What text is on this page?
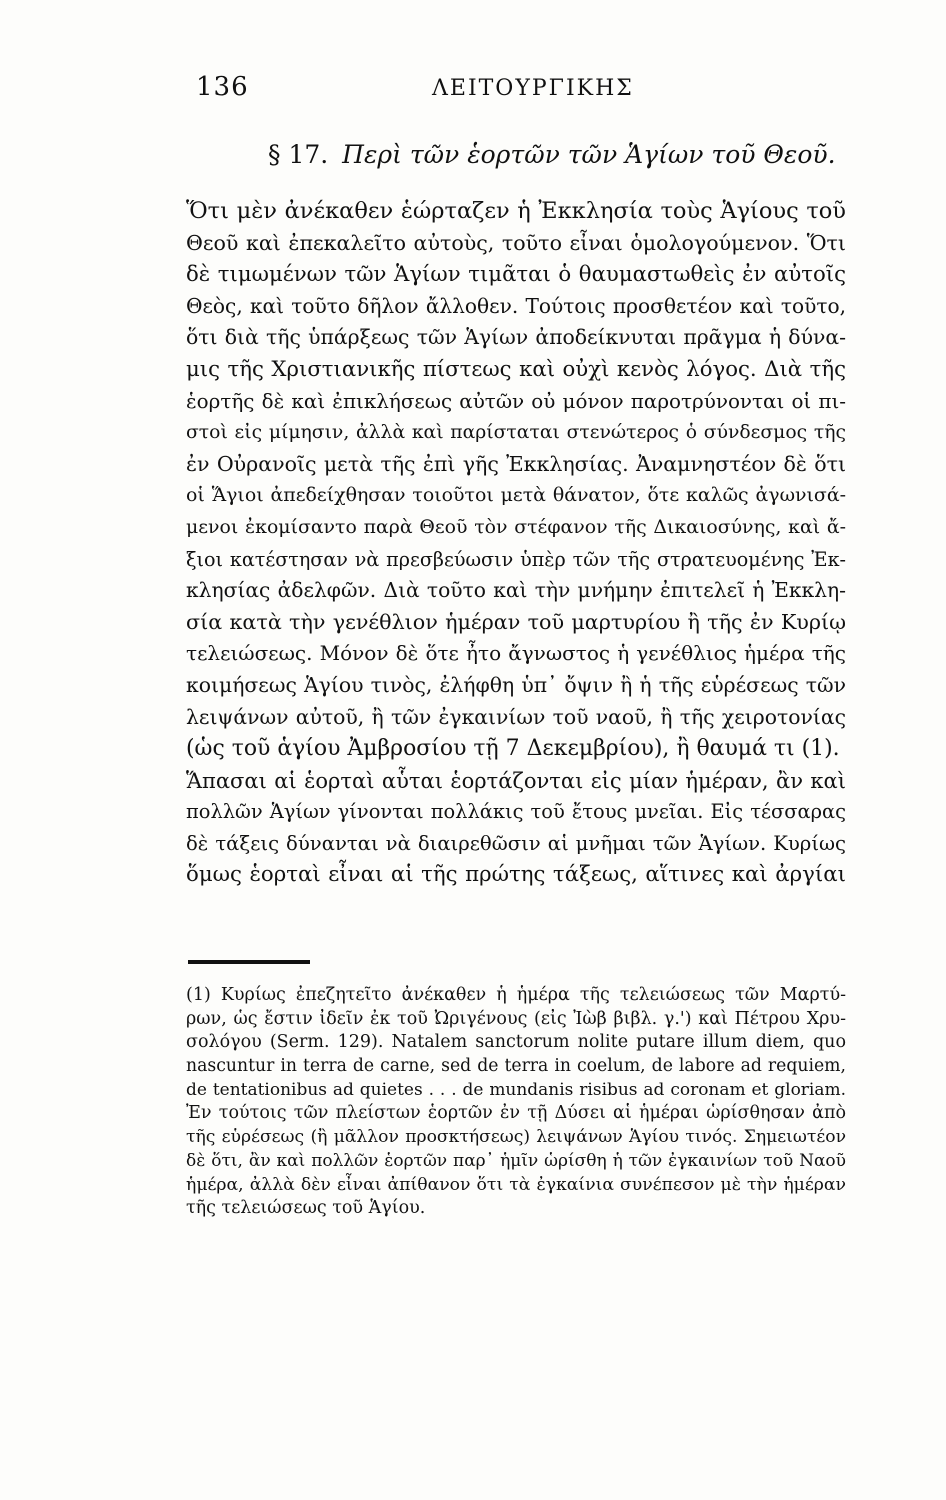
136	ΛΕΙΤΟΥΡΓΙΚΗΣ
§ 17. Περὶ τῶν ἑορτῶν τῶν Ἁγίων τοῦ Θεοῦ.
Ὅτι μὲν ἀνέκαθεν ἑώρταζεν ἡ Ἐκκλησία τοὺς Ἁγίους τοῦ
Θεοῦ καὶ ἐπεκαλεῖτο αὐτοὺς, τοῦτο εἶναι ὁμολογούμενον. Ὅτι
δὲ τιμωμένων τῶν Ἁγίων τιμᾶται ὁ θαυμαστωθεὶς ἐν αὐτοῖς
Θεὸς, καὶ τοῦτο δῆλον ἄλλοθεν. Τούτοις προσθετέον καὶ τοῦτο,
ὅτι διὰ τῆς ὑπάρξεως τῶν Ἁγίων ἀποδείκνυται πρᾶγμα ἡ δύνα-
μις τῆς Χριστιανικῆς πίστεως καὶ οὐχὶ κενὸς λόγος. Διὰ τῆς
ἑορτῆς δὲ καὶ ἐπικλήσεως αὐτῶν οὐ μόνον παροτρύνονται οἱ πι-
στοὶ εἰς μίμησιν, ἀλλὰ καὶ παρίσταται στενώτερος ὁ σύνδεσμος τῆς
ἐν Οὐρανοῖς μετὰ τῆς ἐπὶ γῆς Ἐκκλησίας. Ἀναμνηστέον δὲ ὅτι
οἱ Ἅγιοι ἀπεδείχθησαν τοιοῦτοι μετὰ θάνατον, ὅτε καλῶς ἀγωνισά-
μενοι ἐκομίσαντο παρὰ Θεοῦ τὸν στέφανον τῆς Δικαιοσύνης, καὶ ἄ-
ξιοι κατέστησαν νὰ πρεσβεύωσιν ὑπὲρ τῶν τῆς στρατευομένης Ἐκ-
κλησίας ἀδελφῶν. Διὰ τοῦτο καὶ τὴν μνήμην ἐπιτελεῖ ἡ Ἐκκλη-
σία κατὰ τὴν γενέθλιον ἡμέραν τοῦ μαρτυρίου ἢ τῆς ἐν Κυρίῳ
τελειώσεως. Μόνον δὲ ὅτε ἦτο ἄγνωστος ἡ γενέθλιος ἡμέρα τῆς
κοιμήσεως Ἁγίου τινὸς, ἐλήφθη ὑπ᾽ ὄψιν ἢ ἡ τῆς εὑρέσεως τῶν
λειψάνων αὐτοῦ, ἢ τῶν ἐγκαινίων τοῦ ναοῦ, ἢ τῆς χειροτονίας
(ὡς τοῦ ἁγίου Ἀμβροσίου τῇ 7 Δεκεμβρίου), ἢ θαυμά τι (1).
Ἅπασαι αἱ ἑορταὶ αὗται ἑορτάζονται εἰς μίαν ἡμέραν, ἂν καὶ
πολλῶν Ἁγίων γίνονται πολλάκις τοῦ ἔτους μνεῖαι. Εἰς τέσσαρας
δὲ τάξεις δύνανται νὰ διαιρεθῶσιν αἱ μνῆμαι τῶν Ἁγίων. Κυρίως
ὅμως ἑορταὶ εἶναι αἱ τῆς πρώτης τάξεως, αἵτινες καὶ ἀργίαι
(1) Κυρίως ἐπεζητεῖτο ἀνέκαθεν ἡ ἡμέρα τῆς τελειώσεως τῶν Μαρτύ-
ρων, ὡς ἔστιν ἰδεῖν ἐκ τοῦ Ὠριγένους (εἰς Ἰὼβ βιβλ. γ.') καὶ Πέτρου Χρυ-
σολόγου (Serm. 129). Natalem sanctorum nolite putare illum diem, quo
nascuntur in terra de carne, sed de terra in coelum, de labore ad requiem,
de tentationibus ad quietes . . . de mundanis risibus ad coronam et gloriam.
Ἐν τούτοις τῶν πλείστων ἑορτῶν ἐν τῇ Δύσει αἱ ἡμέραι ὡρίσθησαν ἀπὸ
τῆς εὑρέσεως (ἢ μᾶλλον προσκτήσεως) λειψάνων Ἁγίου τινός. Σημειωτέον
δὲ ὅτι, ἂν καὶ πολλῶν ἑορτῶν παρ᾽ ἡμῖν ὡρίσθη ἡ τῶν ἐγκαινίων τοῦ Ναοῦ
ἡμέρα, ἀλλὰ δὲν εἶναι ἀπίθανον ὅτι τὰ ἐγκαίνια συνέπεσον μὲ τὴν ἡμέραν
τῆς τελειώσεως τοῦ Ἁγίου.
